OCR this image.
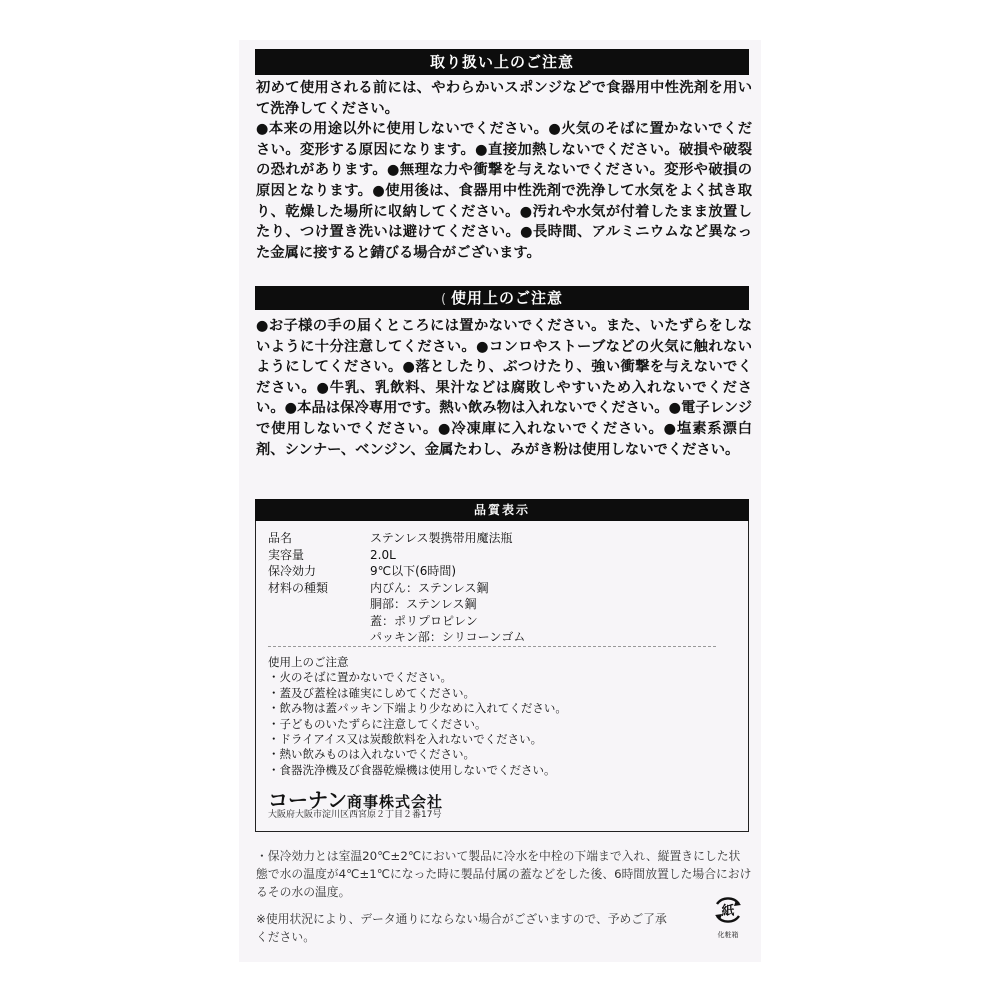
取り扱い上のご注意
初めて使用される前には、やわらかいスポンジなどで食器用中性洗剤を用いて洗浄してください。
●本来の用途以外に使用しないでください。●火気のそばに置かないでください。変形する原因になります。●直接加熱しないでください。破損や破裂の恐れがあります。●無理な力や衝撃を与えないでください。変形や破損の原因となります。●使用後は、食器用中性洗剤で洗浄して水気をよく拭き取り、乾燥した場所に収納してください。●汚れや水気が付着したまま放置したり、つけ置き洗いは避けてください。●長時間、アルミニウムなど異なった金属に接すると錆びる場合がございます。
( 使用上のご注意
●お子様の手の届くところには置かないでください。また、いたずらをしないように十分注意してください。●コンロやストーブなどの火気に触れないようにしてください。●落としたり、ぶつけたり、強い衝撃を与えないでください。●牛乳、乳飲料、果汁などは腐敗しやすいため入れないでください。●本品は保冷専用です。熱い飲み物は入れないでください。●電子レンジで使用しないでください。●冷凍庫に入れないでください。●塩素系漂白剤、シンナー、ベンジン、金属たわし、みがき粉は使用しないでください。
品質表示
品名	ステンレス製携帯用魔法瓶
実容量	2.0L
保冷効力	9℃以下(6時間)
材料の種類	内びん：ステンレス鋼
胴部：ステンレス鋼
蓋：ポリプロピレン
パッキン部：シリコーンゴム
使用上のご注意
・火のそばに置かないでください。
・蓋及び蓋栓は確実にしめてください。
・飲み物は蓋パッキン下端より少なめに入れてください。
・子どものいたずらに注意してください。
・ドライアイス又は炭酸飲料を入れないでください。
・熱い飲みものは入れないでください。
・食器洗浄機及び食器乾燥機は使用しないでください。
コーナン商事株式会社
大阪府大阪市淀川区西宮原２丁目２番17号
・保冷効力とは室温20℃±2℃において製品に冷水を中栓の下端まで入れ、縦置きにした状態で水の温度が4℃±1℃になった時に製品付属の蓋などをした後、6時間放置した場合におけるその水の温度。
※使用状況により、データ通りにならない場合がございますので、予めご了承ください。
紙
化粧箱
